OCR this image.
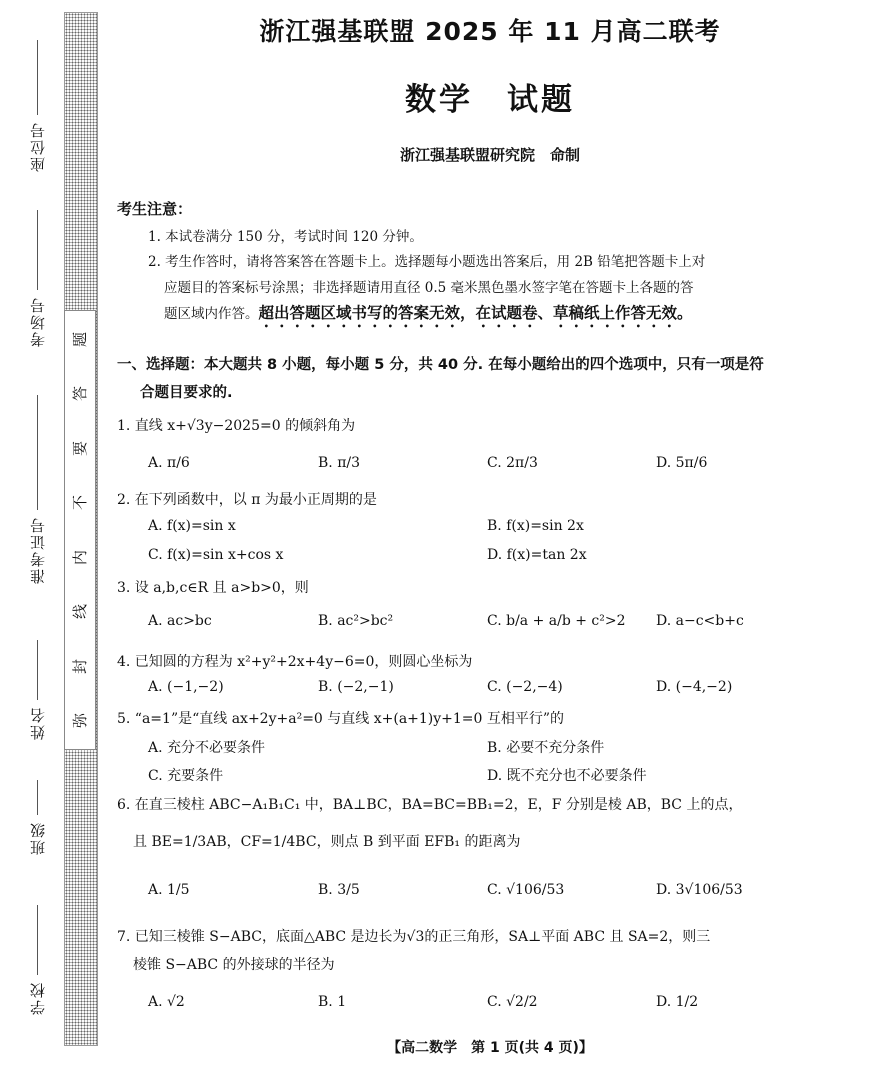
座位号
考场号
准考证号
姓名
班级
学校
题
答
要
不
内
线
封
弥
浙江强基联盟 2025 年 11 月高二联考
数学　试题
浙江强基联盟研究院　命制
考生注意：
1. 本试卷满分 150 分，考试时间 120 分钟。
2. 考生作答时，请将答案答在答题卡上。选择题每小题选出答案后，用 2B 铅笔把答题卡上对
应题目的答案标号涂黑；非选择题请用直径 0.5 毫米黑色墨水签字笔在答题卡上各题的答
题区域内作答。超出答题区域书写的答案无效，在试题卷、草稿纸上作答无效。
一、选择题：本大题共 8 小题，每小题 5 分，共 40 分. 在每小题给出的四个选项中，只有一项是符
合题目要求的.
1. 直线 x+√3y−2025=0 的倾斜角为
A. π/6	B. π/3	C. 2π/3	D. 5π/6
2. 在下列函数中，以 π 为最小正周期的是
A. f(x)=sin x	B. f(x)=sin 2x
C. f(x)=sin x+cos x	D. f(x)=tan 2x
3. 设 a,b,c∈R 且 a>b>0，则
A. ac>bc	B. ac²>bc²	C. b/a + a/b + c²>2 D. a−c<b+c
4. 已知圆的方程为 x²+y²+2x+4y−6=0，则圆心坐标为
A. (−1,−2)	B. (−2,−1)	C. (−2,−4)	D. (−4,−2)
5. “a=1”是“直线 ax+2y+a²=0 与直线 x+(a+1)y+1=0 互相平行”的
A. 充分不必要条件	B. 必要不充分条件
C. 充要条件	D. 既不充分也不必要条件
6. 在直三棱柱 ABC−A₁B₁C₁ 中，BA⊥BC，BA=BC=BB₁=2，E，F 分别是棱 AB，BC 上的点，
且 BE=1/3AB，CF=1/4BC，则点 B 到平面 EFB₁ 的距离为
A. 1/5	B. 3/5	C. √106/53	D. 3√106/53
7. 已知三棱锥 S−ABC，底面△ABC 是边长为√3的正三角形，SA⊥平面 ABC 且 SA=2，则三
棱锥 S−ABC 的外接球的半径为
A. √2	B. 1	C. √2/2	D. 1/2
【高二数学　第 1 页(共 4 页)】
